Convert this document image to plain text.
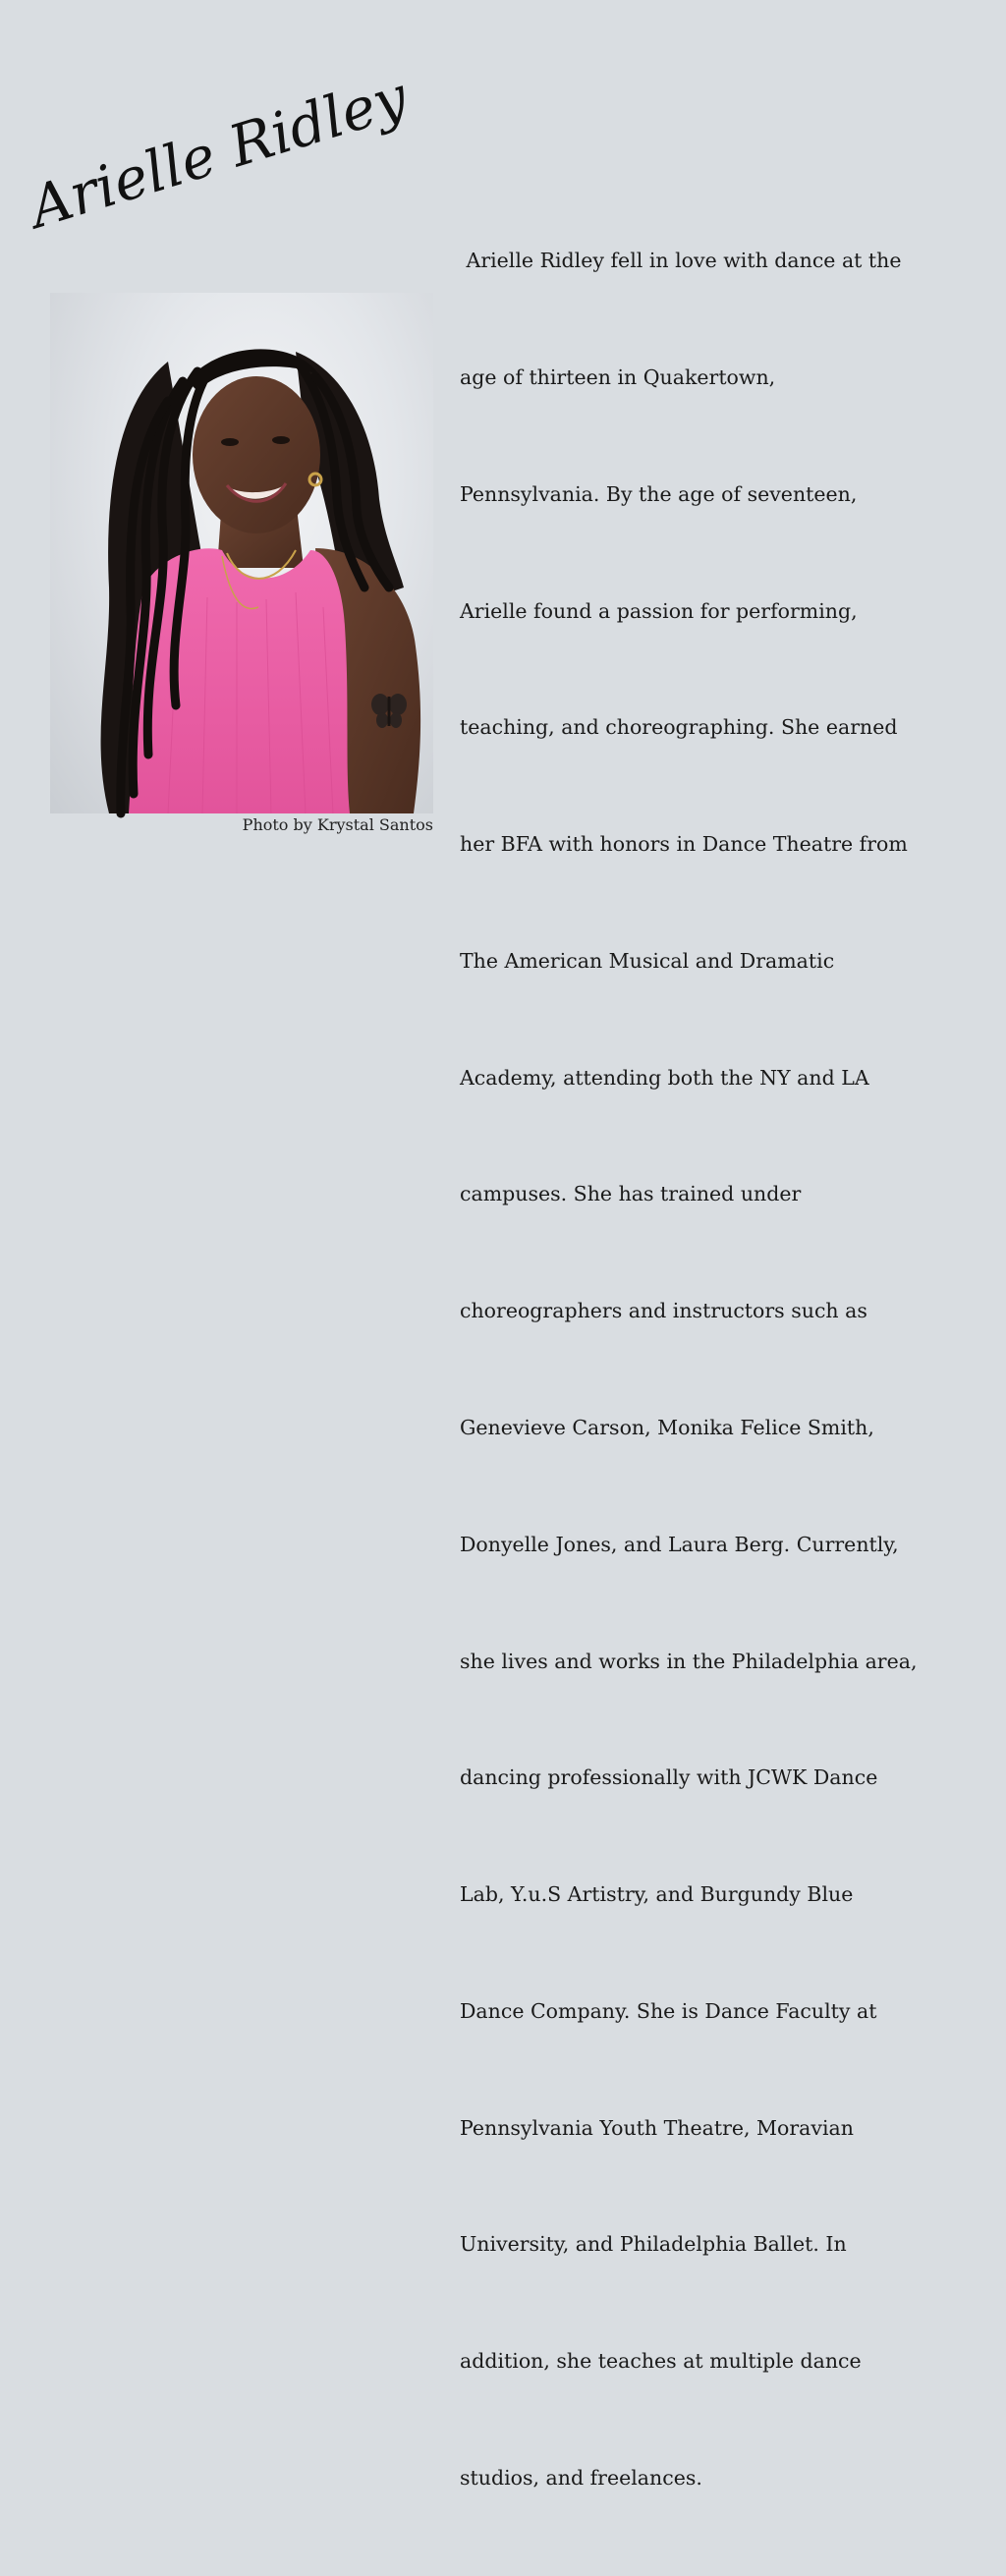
Arielle Ridley
Photo by Krystal Santos

Arielle Ridley fell in love with dance at the

age of thirteen in Quakertown,

Pennsylvania. By the age of seventeen,

Arielle found a passion for performing,

teaching, and choreographing. She earned

her BFA with honors in Dance Theatre from

The American Musical and Dramatic

Academy, attending both the NY and LA

campuses. She has trained under

choreographers and instructors such as

Genevieve Carson, Monika Felice Smith,

Donyelle Jones, and Laura Berg. Currently,

she lives and works in the Philadelphia area,

dancing professionally with JCWK Dance

Lab, Y.u.S Artistry, and Burgundy Blue

Dance Company. She is Dance Faculty at

Pennsylvania Youth Theatre, Moravian

University, and Philadelphia Ballet. In

addition, she teaches at multiple dance

studios, and freelances.
